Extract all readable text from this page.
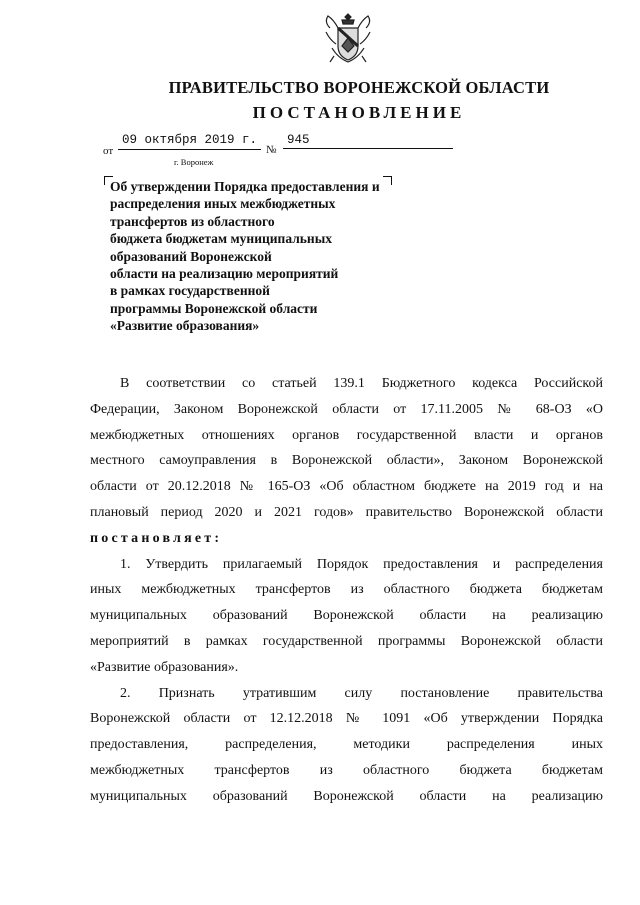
ПРАВИТЕЛЬСТВО ВОРОНЕЖСКОЙ ОБЛАСТИ
ПОСТАНОВЛЕНИЕ
от
09 октября 2019 г.
№
945
г. Воронеж
Об утверждении Порядка предоставления и
распределения иных межбюджетных
трансфертов из областного
бюджета бюджетам муниципальных
образований Воронежской
области на реализацию мероприятий
в рамках государственной
программы Воронежской области
«Развитие образования»
В соответствии со статьей 139.1 Бюджетного кодекса Российской
Федерации, Законом Воронежской области от 17.11.2005 № 68-ОЗ «О
межбюджетных отношениях органов государственной власти и органов
местного самоуправления в Воронежской области», Законом Воронежской
области от 20.12.2018 № 165-ОЗ «Об областном бюджете на 2019 год и на
плановый период 2020 и 2021 годов» правительство Воронежской области
постановляет:
1. Утвердить прилагаемый Порядок предоставления и распределения
иных межбюджетных трансфертов из областного бюджета бюджетам
муниципальных образований Воронежской области на реализацию
мероприятий в рамках государственной программы Воронежской области
«Развитие образования».
2. Признать утратившим силу постановление правительства
Воронежской области от 12.12.2018 № 1091 «Об утверждении Порядка
предоставления, распределения, методики распределения иных
межбюджетных трансфертов из областного бюджета бюджетам
муниципальных образований Воронежской области на реализацию
